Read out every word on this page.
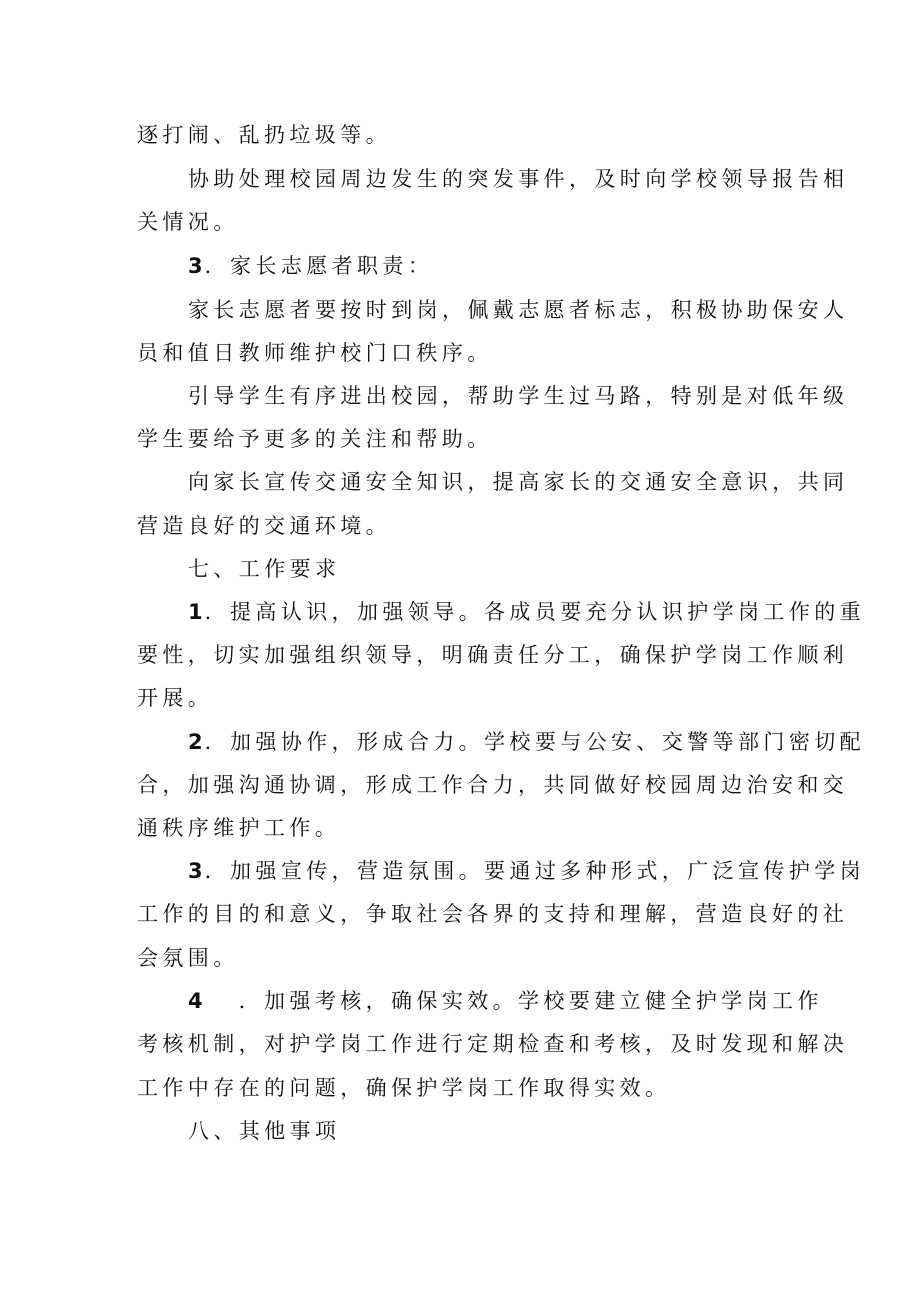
逐打闹、乱扔垃圾等。
协助处理校园周边发生的突发事件，及时向学校领导报告相
关情况。
3．家长志愿者职责：
家长志愿者要按时到岗，佩戴志愿者标志，积极协助保安人
员和值日教师维护校门口秩序。
引导学生有序进出校园，帮助学生过马路，特别是对低年级
学生要给予更多的关注和帮助。
向家长宣传交通安全知识，提高家长的交通安全意识，共同
营造良好的交通环境。
七、工作要求
1．提高认识，加强领导。各成员要充分认识护学岗工作的重
要性，切实加强组织领导，明确责任分工，确保护学岗工作顺利
开展。
2．加强协作，形成合力。学校要与公安、交警等部门密切配
合，加强沟通协调，形成工作合力，共同做好校园周边治安和交
通秩序维护工作。
3．加强宣传，营造氛围。要通过多种形式，广泛宣传护学岗
工作的目的和意义，争取社会各界的支持和理解，营造良好的社
会氛围。
4 ．加强考核，确保实效。学校要建立健全护学岗工作
考核机制，对护学岗工作进行定期检查和考核，及时发现和解决
工作中存在的问题，确保护学岗工作取得实效。
八、其他事项
